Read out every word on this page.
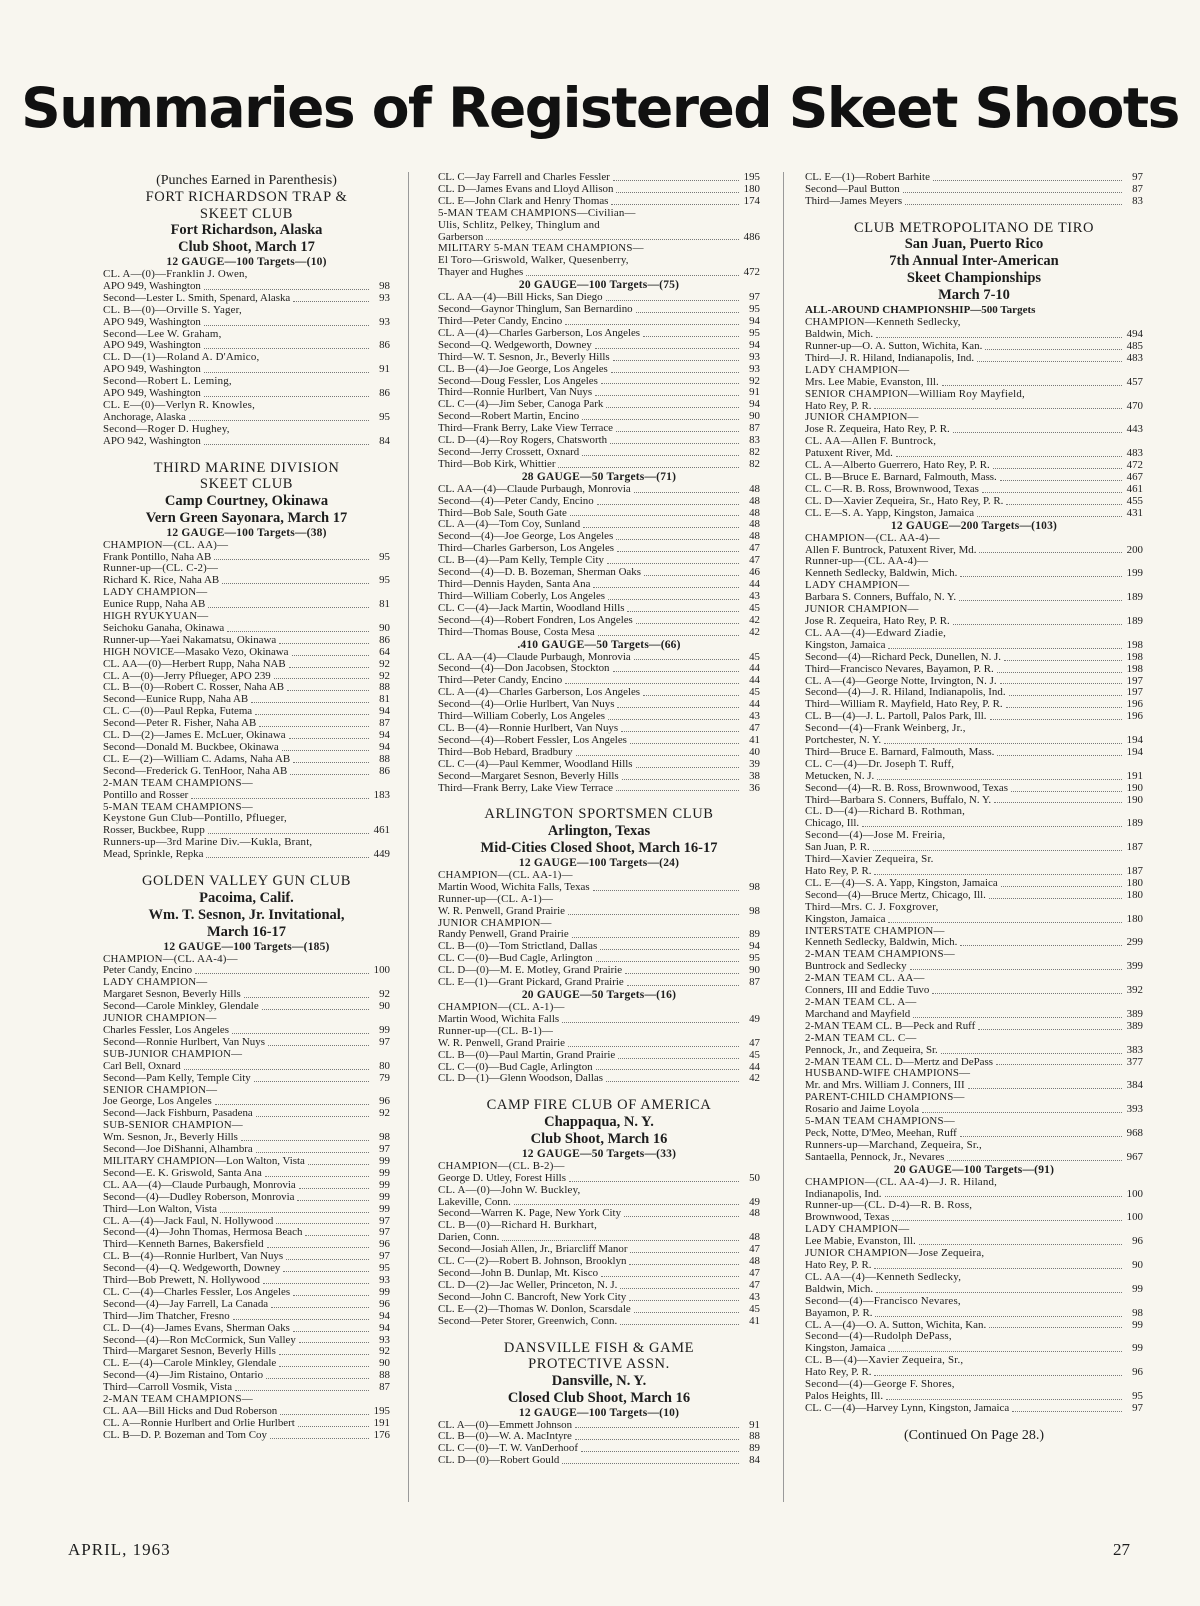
Summaries of Registered Skeet Shoots
(Punches Earned in Parenthesis)
FORT RICHARDSON TRAP &
SKEET CLUB
Fort Richardson, Alaska
Club Shoot, March 17
12 GAUGE—100 Targets—(10)
CL. A—(0)—Franklin J. Owen,
APO 949, Washington	98
Second—Lester L. Smith, Spenard, Alaska	93
CL. B—(0)—Orville S. Yager,
APO 949, Washington	93
Second—Lee W. Graham,
APO 949, Washington	86
CL. D—(1)—Roland A. D'Amico,
APO 949, Washington	91
Second—Robert L. Leming,
APO 949, Washington	86
CL. E—(0)—Verlyn R. Knowles,
Anchorage, Alaska	95
Second—Roger D. Hughey,
APO 942, Washington	84
THIRD MARINE DIVISION
SKEET CLUB
Camp Courtney, Okinawa
Vern Green Sayonara, March 17
12 GAUGE—100 Targets—(38)
CHAMPION—(CL. AA)—
Frank Pontillo, Naha AB	95
Runner-up—(CL. C-2)—
Richard K. Rice, Naha AB	95
LADY CHAMPION—
Eunice Rupp, Naha AB	81
HIGH RYUKYUAN—
Seichoku Ganaha, Okinawa	90
Runner-up—Yaei Nakamatsu, Okinawa	86
HIGH NOVICE—Masako Vezo, Okinawa	64
CL. AA—(0)—Herbert Rupp, Naha NAB	92
CL. A—(0)—Jerry Pflueger, APO 239	92
CL. B—(0)—Robert C. Rosser, Naha AB	88
Second—Eunice Rupp, Naha AB	81
CL. C—(0)—Paul Repka, Futema	94
Second—Peter R. Fisher, Naha AB	87
CL. D—(2)—James E. McLuer, Okinawa	94
Second—Donald M. Buckbee, Okinawa	94
CL. E—(2)—William C. Adams, Naha AB	88
Second—Frederick G. TenHoor, Naha AB	86
2-MAN TEAM CHAMPIONS—
Pontillo and Rosser	183
5-MAN TEAM CHAMPIONS—
Keystone Gun Club—Pontillo, Pflueger,
Rosser, Buckbee, Rupp	461
Runners-up—3rd Marine Div.—Kukla, Brant,
Mead, Sprinkle, Repka	449
GOLDEN VALLEY GUN CLUB
Pacoima, Calif.
Wm. T. Sesnon, Jr. Invitational,
March 16-17
12 GAUGE—100 Targets—(185)
CHAMPION—(CL. AA-4)—
Peter Candy, Encino	100
LADY CHAMPION—
Margaret Sesnon, Beverly Hills	92
Second—Carole Minkley, Glendale	90
JUNIOR CHAMPION—
Charles Fessler, Los Angeles	99
Second—Ronnie Hurlbert, Van Nuys	97
SUB-JUNIOR CHAMPION—
Carl Bell, Oxnard	80
Second—Pam Kelly, Temple City	79
SENIOR CHAMPION—
Joe George, Los Angeles	96
Second—Jack Fishburn, Pasadena	92
SUB-SENIOR CHAMPION—
Wm. Sesnon, Jr., Beverly Hills	98
Second—Joe DiShanni, Alhambra	97
MILITARY CHAMPION—Lon Walton, Vista	99
Second—E. K. Griswold, Santa Ana	99
CL. AA—(4)—Claude Purbaugh, Monrovia	99
Second—(4)—Dudley Roberson, Monrovia	99
Third—Lon Walton, Vista	99
CL. A—(4)—Jack Faul, N. Hollywood	97
Second—(4)—John Thomas, Hermosa Beach	97
Third—Kenneth Barnes, Bakersfield	96
CL. B—(4)—Ronnie Hurlbert, Van Nuys	97
Second—(4)—Q. Wedgeworth, Downey	95
Third—Bob Prewett, N. Hollywood	93
CL. C—(4)—Charles Fessler, Los Angeles	99
Second—(4)—Jay Farrell, La Canada	96
Third—Jim Thatcher, Fresno	94
CL. D—(4)—James Evans, Sherman Oaks	94
Second—(4)—Ron McCormick, Sun Valley	93
Third—Margaret Sesnon, Beverly Hills	92
CL. E—(4)—Carole Minkley, Glendale	90
Second—(4)—Jim Ristaino, Ontario	88
Third—Carroll Vosmik, Vista	87
2-MAN TEAM CHAMPIONS—
CL. AA—Bill Hicks and Dud Roberson	195
CL. A—Ronnie Hurlbert and Orlie Hurlbert	191
CL. B—D. P. Bozeman and Tom Coy	176
CL. C—Jay Farrell and Charles Fessler	195
CL. D—James Evans and Lloyd Allison	180
CL. E—John Clark and Henry Thomas	174
5-MAN TEAM CHAMPIONS—Civilian—
Ulis, Schlitz, Pelkey, Thinglum and
Garberson	486
MILITARY 5-MAN TEAM CHAMPIONS—
El Toro—Griswold, Walker, Quesenberry,
Thayer and Hughes	472
20 GAUGE—100 Targets—(75)
CL. AA—(4)—Bill Hicks, San Diego	97
Second—Gaynor Thinglum, San Bernardino	95
Third—Peter Candy, Encino	94
CL. A—(4)—Charles Garberson, Los Angeles	95
Second—Q. Wedgeworth, Downey	94
Third—W. T. Sesnon, Jr., Beverly Hills	93
CL. B—(4)—Joe George, Los Angeles	93
Second—Doug Fessler, Los Angeles	92
Third—Ronnie Hurlbert, Van Nuys	91
CL. C—(4)—Jim Seber, Canoga Park	94
Second—Robert Martin, Encino	90
Third—Frank Berry, Lake View Terrace	87
CL. D—(4)—Roy Rogers, Chatsworth	83
Second—Jerry Crossett, Oxnard	82
Third—Bob Kirk, Whittier	82
28 GAUGE—50 Targets—(71)
CL. AA—(4)—Claude Purbaugh, Monrovia	48
Second—(4)—Peter Candy, Encino	48
Third—Bob Sale, South Gate	48
CL. A—(4)—Tom Coy, Sunland	48
Second—(4)—Joe George, Los Angeles	48
Third—Charles Garberson, Los Angeles	47
CL. B—(4)—Pam Kelly, Temple City	47
Second—(4)—D. B. Bozeman, Sherman Oaks	46
Third—Dennis Hayden, Santa Ana	44
Third—William Coberly, Los Angeles	43
CL. C—(4)—Jack Martin, Woodland Hills	45
Second—(4)—Robert Fondren, Los Angeles	42
Third—Thomas Bouse, Costa Mesa	42
.410 GAUGE—50 Targets—(66)
CL. AA—(4)—Claude Purbaugh, Monrovia	45
Second—(4)—Don Jacobsen, Stockton	44
Third—Peter Candy, Encino	44
CL. A—(4)—Charles Garberson, Los Angeles	45
Second—(4)—Orlie Hurlbert, Van Nuys	44
Third—William Coberly, Los Angeles	43
CL. B—(4)—Ronnie Hurlbert, Van Nuys	47
Second—(4)—Robert Fessler, Los Angeles	41
Third—Bob Hebard, Bradbury	40
CL. C—(4)—Paul Kemmer, Woodland Hills	39
Second—Margaret Sesnon, Beverly Hills	38
Third—Frank Berry, Lake View Terrace	36
ARLINGTON SPORTSMEN CLUB
Arlington, Texas
Mid-Cities Closed Shoot, March 16-17
12 GAUGE—100 Targets—(24)
CHAMPION—(CL. AA-1)—
Martin Wood, Wichita Falls, Texas	98
Runner-up—(CL. A-1)—
W. R. Penwell, Grand Prairie	98
JUNIOR CHAMPION—
Randy Penwell, Grand Prairie	89
CL. B—(0)—Tom Strictland, Dallas	94
CL. C—(0)—Bud Cagle, Arlington	95
CL. D—(0)—M. E. Motley, Grand Prairie	90
CL. E—(1)—Grant Pickard, Grand Prairie	87
20 GAUGE—50 Targets—(16)
CHAMPION—(CL. A-1)—
Martin Wood, Wichita Falls	49
Runner-up—(CL. B-1)—
W. R. Penwell, Grand Prairie	47
CL. B—(0)—Paul Martin, Grand Prairie	45
CL. C—(0)—Bud Cagle, Arlington	44
CL. D—(1)—Glenn Woodson, Dallas	42
CAMP FIRE CLUB OF AMERICA
Chappaqua, N. Y.
Club Shoot, March 16
12 GAUGE—50 Targets—(33)
CHAMPION—(CL. B-2)—
George D. Utley, Forest Hills	50
CL. A—(0)—John W. Buckley,
Lakeville, Conn.	49
Second—Warren K. Page, New York City	48
CL. B—(0)—Richard H. Burkhart,
Darien, Conn.	48
Second—Josiah Allen, Jr., Briarcliff Manor	47
CL. C—(2)—Robert B. Johnson, Brooklyn	48
Second—John B. Dunlap, Mt. Kisco	47
CL. D—(2)—Jac Weller, Princeton, N. J.	47
Second—John C. Bancroft, New York City	43
CL. E—(2)—Thomas W. Donlon, Scarsdale	45
Second—Peter Storer, Greenwich, Conn.	41
DANSVILLE FISH & GAME
PROTECTIVE ASSN.
Dansville, N. Y.
Closed Club Shoot, March 16
12 GAUGE—100 Targets—(10)
CL. A—(0)—Emmett Johnson	91
CL. B—(0)—W. A. MacIntyre	88
CL. C—(0)—T. W. VanDerhoof	89
CL. D—(0)—Robert Gould	84
CL. E—(1)—Robert Barhite	97
Second—Paul Button	87
Third—James Meyers	83
CLUB METROPOLITANO DE TIRO
San Juan, Puerto Rico
7th Annual Inter-American
Skeet Championships
March 7-10
ALL-AROUND CHAMPIONSHIP—500 Targets
CHAMPION—Kenneth Sedlecky,
Baldwin, Mich.	494
Runner-up—O. A. Sutton, Wichita, Kan.	485
Third—J. R. Hiland, Indianapolis, Ind.	483
LADY CHAMPION—
Mrs. Lee Mabie, Evanston, Ill.	457
SENIOR CHAMPION—William Roy Mayfield,
Hato Rey, P. R.	470
JUNIOR CHAMPION—
Jose R. Zequeira, Hato Rey, P. R.	443
CL. AA—Allen F. Buntrock,
Patuxent River, Md.	483
CL. A—Alberto Guerrero, Hato Rey, P. R.	472
CL. B—Bruce E. Barnard, Falmouth, Mass.	467
CL. C—R. B. Ross, Brownwood, Texas	461
CL. D—Xavier Zequeira, Sr., Hato Rey, P. R.	455
CL. E—S. A. Yapp, Kingston, Jamaica	431
12 GAUGE—200 Targets—(103)
CHAMPION—(CL. AA-4)—
Allen F. Buntrock, Patuxent River, Md.	200
Runner-up—(CL. AA-4)—
Kenneth Sedlecky, Baldwin, Mich.	199
LADY CHAMPION—
Barbara S. Conners, Buffalo, N. Y.	189
JUNIOR CHAMPION—
Jose R. Zequeira, Hato Rey, P. R.	189
CL. AA—(4)—Edward Ziadie,
Kingston, Jamaica	198
Second—(4)—Richard Peck, Dunellen, N. J.	198
Third—Francisco Nevares, Bayamon, P. R.	198
CL. A—(4)—George Notte, Irvington, N. J.	197
Second—(4)—J. R. Hiland, Indianapolis, Ind.	197
Third—William R. Mayfield, Hato Rey, P. R.	196
CL. B—(4)—J. L. Partoll, Palos Park, Ill.	196
Second—(4)—Frank Weinberg, Jr.,
Portchester, N. Y.	194
Third—Bruce E. Barnard, Falmouth, Mass.	194
CL. C—(4)—Dr. Joseph T. Ruff,
Metucken, N. J.	191
Second—(4)—R. B. Ross, Brownwood, Texas	190
Third—Barbara S. Conners, Buffalo, N. Y.	190
CL. D—(4)—Richard B. Rothman,
Chicago, Ill.	189
Second—(4)—Jose M. Freiria,
San Juan, P. R.	187
Third—Xavier Zequeira, Sr.
Hato Rey, P. R.	187
CL. E—(4)—S. A. Yapp, Kingston, Jamaica	180
Second—(4)—Bruce Mertz, Chicago, Ill.	180
Third—Mrs. C. J. Foxgrover,
Kingston, Jamaica	180
INTERSTATE CHAMPION—
Kenneth Sedlecky, Baldwin, Mich.	299
2-MAN TEAM CHAMPIONS—
Buntrock and Sedlecky	399
2-MAN TEAM CL. AA—
Conners, III and Eddie Tuvo	392
2-MAN TEAM CL. A—
Marchand and Mayfield	389
2-MAN TEAM CL. B—Peck and Ruff	389
2-MAN TEAM CL. C—
Pennock, Jr., and Zequeira, Sr.	383
2-MAN TEAM CL. D—Mertz and DePass	377
HUSBAND-WIFE CHAMPIONS—
Mr. and Mrs. William J. Conners, III	384
PARENT-CHILD CHAMPIONS—
Rosario and Jaime Loyola	393
5-MAN TEAM CHAMPIONS—
Peck, Notte, D'Meo, Meehan, Ruff	968
Runners-up—Marchand, Zequeira, Sr.,
Santaella, Pennock, Jr., Nevares	967
20 GAUGE—100 Targets—(91)
CHAMPION—(CL. AA-4)—J. R. Hiland,
Indianapolis, Ind.	100
Runner-up—(CL. D-4)—R. B. Ross,
Brownwood, Texas	100
LADY CHAMPION—
Lee Mabie, Evanston, Ill.	96
JUNIOR CHAMPION—Jose Zequeira,
Hato Rey, P. R.	90
CL. AA—(4)—Kenneth Sedlecky,
Baldwin, Mich.	99
Second—(4)—Francisco Nevares,
Bayamon, P. R.	98
CL. A—(4)—O. A. Sutton, Wichita, Kan.	99
Second—(4)—Rudolph DePass,
Kingston, Jamaica	99
CL. B—(4)—Xavier Zequeira, Sr.,
Hato Rey, P. R.	96
Second—(4)—George F. Shores,
Palos Heights, Ill.	95
CL. C—(4)—Harvey Lynn, Kingston, Jamaica	97
(Continued On Page 28.)

APRIL, 1963	27
